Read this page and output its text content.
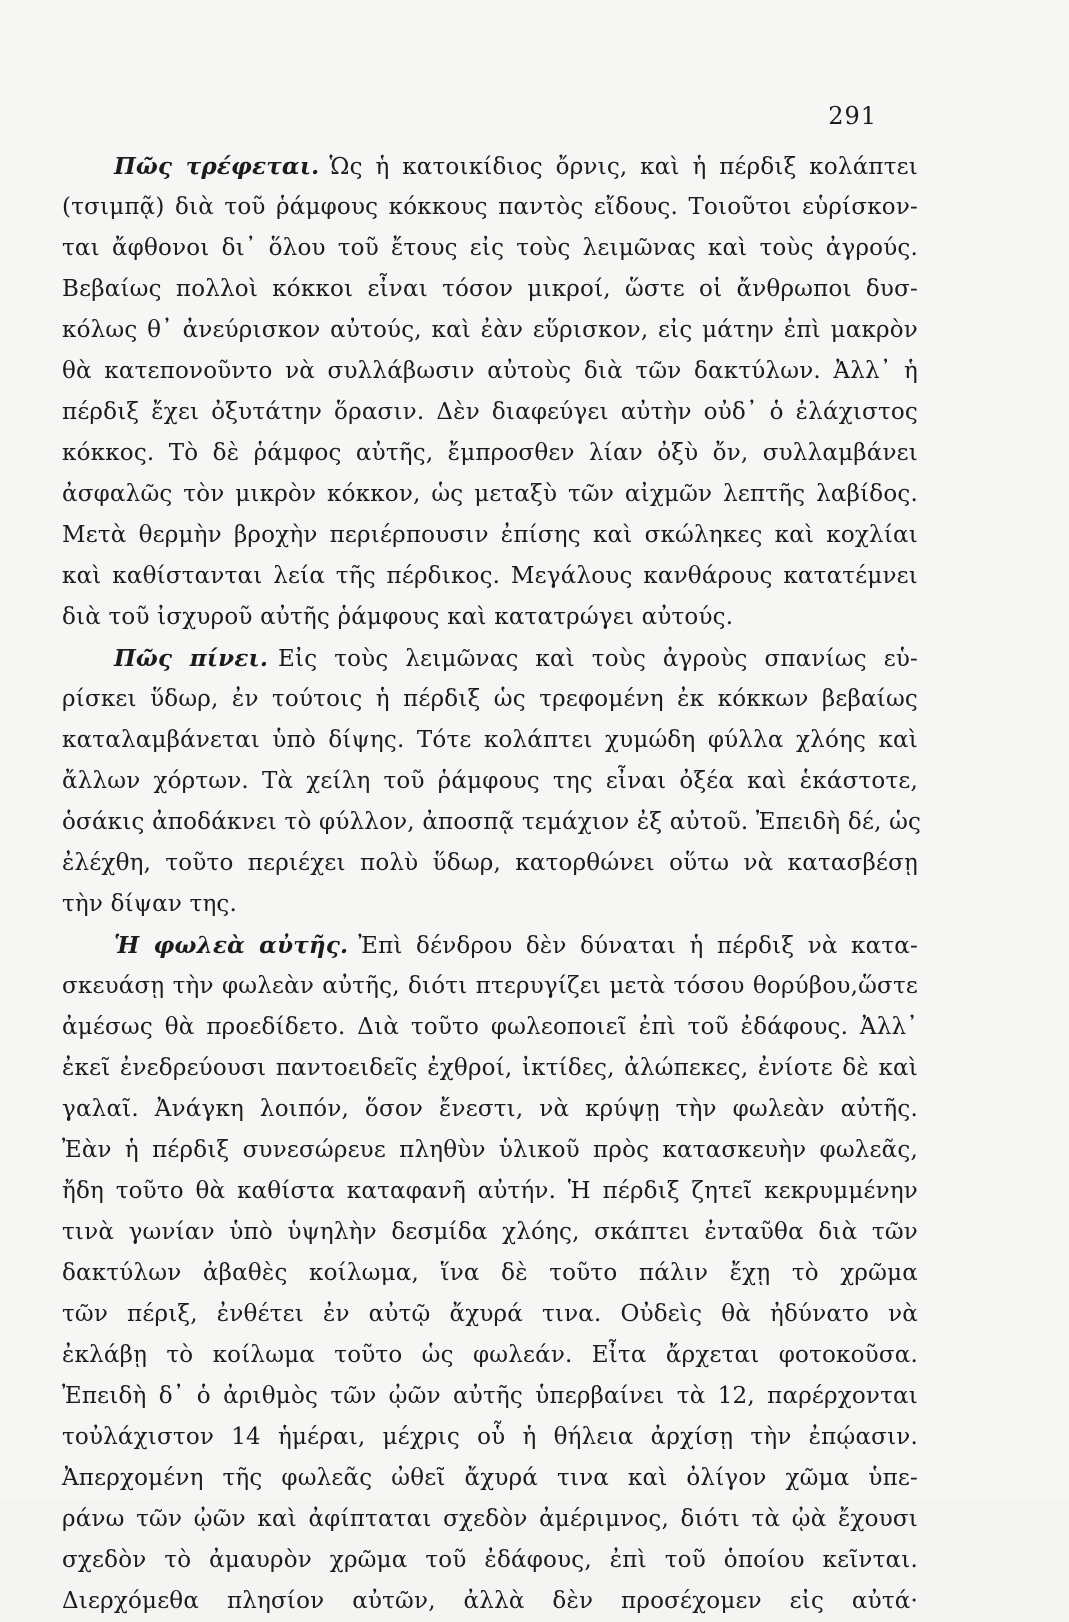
291
Πῶς τρέφεται. Ὡς ἡ κατοικίδιος ὄρνις, καὶ ἡ πέρδιξ κολάπτει
(τσιμπᾷ) διὰ τοῦ ῥάμφους κόκκους παντὸς εἴδους. Τοιοῦτοι εὑρίσκον-
ται ἄφθονοι δι᾽ ὅλου τοῦ ἔτους εἰς τοὺς λειμῶνας καὶ τοὺς ἀγρούς.
Βεβαίως πολλοὶ κόκκοι εἶναι τόσον μικροί, ὥστε οἱ ἄνθρωποι δυσ-
κόλως θ᾽ ἀνεύρισκον αὐτούς, καὶ ἐὰν εὕρισκον, εἰς μάτην ἐπὶ μακρὸν
θὰ κατεπονοῦντο νὰ συλλάβωσιν αὐτοὺς διὰ τῶν δακτύλων. Ἀλλ᾽ ἡ
πέρδιξ ἔχει ὀξυτάτην ὅρασιν. Δὲν διαφεύγει αὐτὴν οὐδ᾽ ὁ ἐλάχιστος
κόκκος. Τὸ δὲ ῥάμφος αὐτῆς, ἔμπροσθεν λίαν ὀξὺ ὄν, συλλαμβάνει
ἀσφαλῶς τὸν μικρὸν κόκκον, ὡς μεταξὺ τῶν αἰχμῶν λεπτῆς λαβίδος.
Μετὰ θερμὴν βροχὴν περιέρπουσιν ἐπίσης καὶ σκώληκες καὶ κοχλίαι
καὶ καθίστανται λεία τῆς πέρδικος. Μεγάλους κανθάρους κατατέμνει
διὰ τοῦ ἰσχυροῦ αὐτῆς ῥάμφους καὶ κατατρώγει αὐτούς.
Πῶς πίνει. Εἰς τοὺς λειμῶνας καὶ τοὺς ἀγροὺς σπανίως εὑ-
ρίσκει ὕδωρ, ἐν τούτοις ἡ πέρδιξ ὡς τρεφομένη ἐκ κόκκων βεβαίως
καταλαμβάνεται ὑπὸ δίψης. Τότε κολάπτει χυμώδη φύλλα χλόης καὶ
ἄλλων χόρτων. Τὰ χείλη τοῦ ῥάμφους της εἶναι ὀξέα καὶ ἑκάστοτε,
ὁσάκις ἀποδάκνει τὸ φύλλον, ἀποσπᾷ τεμάχιον ἐξ αὐτοῦ. Ἐπειδὴ δέ, ὡς
ἐλέχθη, τοῦτο περιέχει πολὺ ὕδωρ, κατορθώνει οὕτω νὰ κατασβέσῃ
τὴν δίψαν της.
Ἡ φωλεὰ αὐτῆς. Ἐπὶ δένδρου δὲν δύναται ἡ πέρδιξ νὰ κατα-
σκευάσῃ τὴν φωλεὰν αὐτῆς, διότι πτερυγίζει μετὰ τόσου θορύβου,ὥστε
ἀμέσως θὰ προεδίδετο. Διὰ τοῦτο φωλεοποιεῖ ἐπὶ τοῦ ἐδάφους. Ἀλλ᾽
ἐκεῖ ἐνεδρεύουσι παντοειδεῖς ἐχθροί, ἰκτίδες, ἀλώπεκες, ἐνίοτε δὲ καὶ
γαλαῖ. Ἀνάγκη λοιπόν, ὅσον ἔνεστι, νὰ κρύψῃ τὴν φωλεὰν αὐτῆς.
Ἐὰν ἡ πέρδιξ συνεσώρευε πληθὺν ὑλικοῦ πρὸς κατασκευὴν φωλεᾶς,
ἤδη τοῦτο θὰ καθίστα καταφανῆ αὐτήν. Ἡ πέρδιξ ζητεῖ κεκρυμμένην
τινὰ γωνίαν ὑπὸ ὑψηλὴν δεσμίδα χλόης, σκάπτει ἐνταῦθα διὰ τῶν
δακτύλων ἀβαθὲς κοίλωμα, ἵνα δὲ τοῦτο πάλιν ἔχῃ τὸ χρῶμα
τῶν πέριξ, ἐνθέτει ἐν αὐτῷ ἄχυρά τινα. Οὐδεὶς θὰ ἠδύνατο νὰ
ἐκλάβῃ τὸ κοίλωμα τοῦτο ὡς φωλεάν. Εἶτα ἄρχεται φοτοκοῦσα.
Ἐπειδὴ δ᾽ ὁ ἀριθμὸς τῶν ᾠῶν αὐτῆς ὑπερβαίνει τὰ 12, παρέρχονται
τοὐλάχιστον 14 ἡμέραι, μέχρις οὗ ἡ θήλεια ἀρχίσῃ τὴν ἐπῴασιν.
Ἀπερχομένη τῆς φωλεᾶς ὠθεῖ ἄχυρά τινα καὶ ὀλίγον χῶμα ὑπε-
ράνω τῶν ᾠῶν καὶ ἀφίπταται σχεδὸν ἀμέριμνος, διότι τὰ ᾠὰ ἔχουσι
σχεδὸν τὸ ἀμαυρὸν χρῶμα τοῦ ἐδάφους, ἐπὶ τοῦ ὁποίου κεῖνται.
Διερχόμεθα πλησίον αὐτῶν, ἀλλὰ δὲν προσέχομεν εἰς αὐτά·
